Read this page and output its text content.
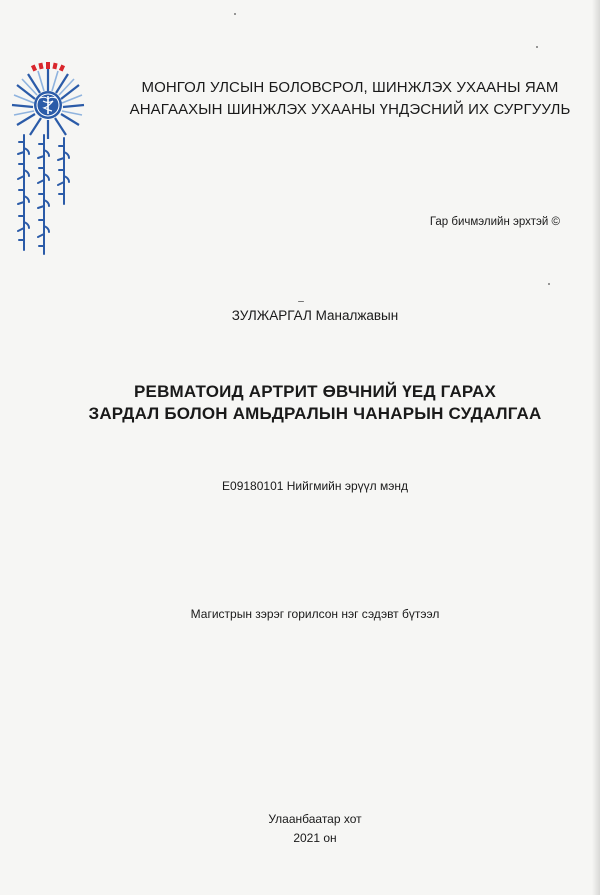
МОНГОЛ УЛСЫН БОЛОВСРОЛ, ШИНЖЛЭХ УХААНЫ ЯАМ
АНАГААХЫН ШИНЖЛЭХ УХААНЫ ҮНДЭСНИЙ ИХ СУРГУУЛЬ
Гар бичмэлийн эрхтэй ©
ЗУЛЖАРГАЛ Маналжавын
РЕВМАТОИД АРТРИТ ӨВЧНИЙ ҮЕД ГАРАХ
ЗАРДАЛ БОЛОН АМЬДРАЛЫН ЧАНАРЫН СУДАЛГАА
E09180101 Нийгмийн эрүүл мэнд
Магистрын зэрэг горилсон нэг сэдэвт бүтээл
Улаанбаатар хот
2021 он
